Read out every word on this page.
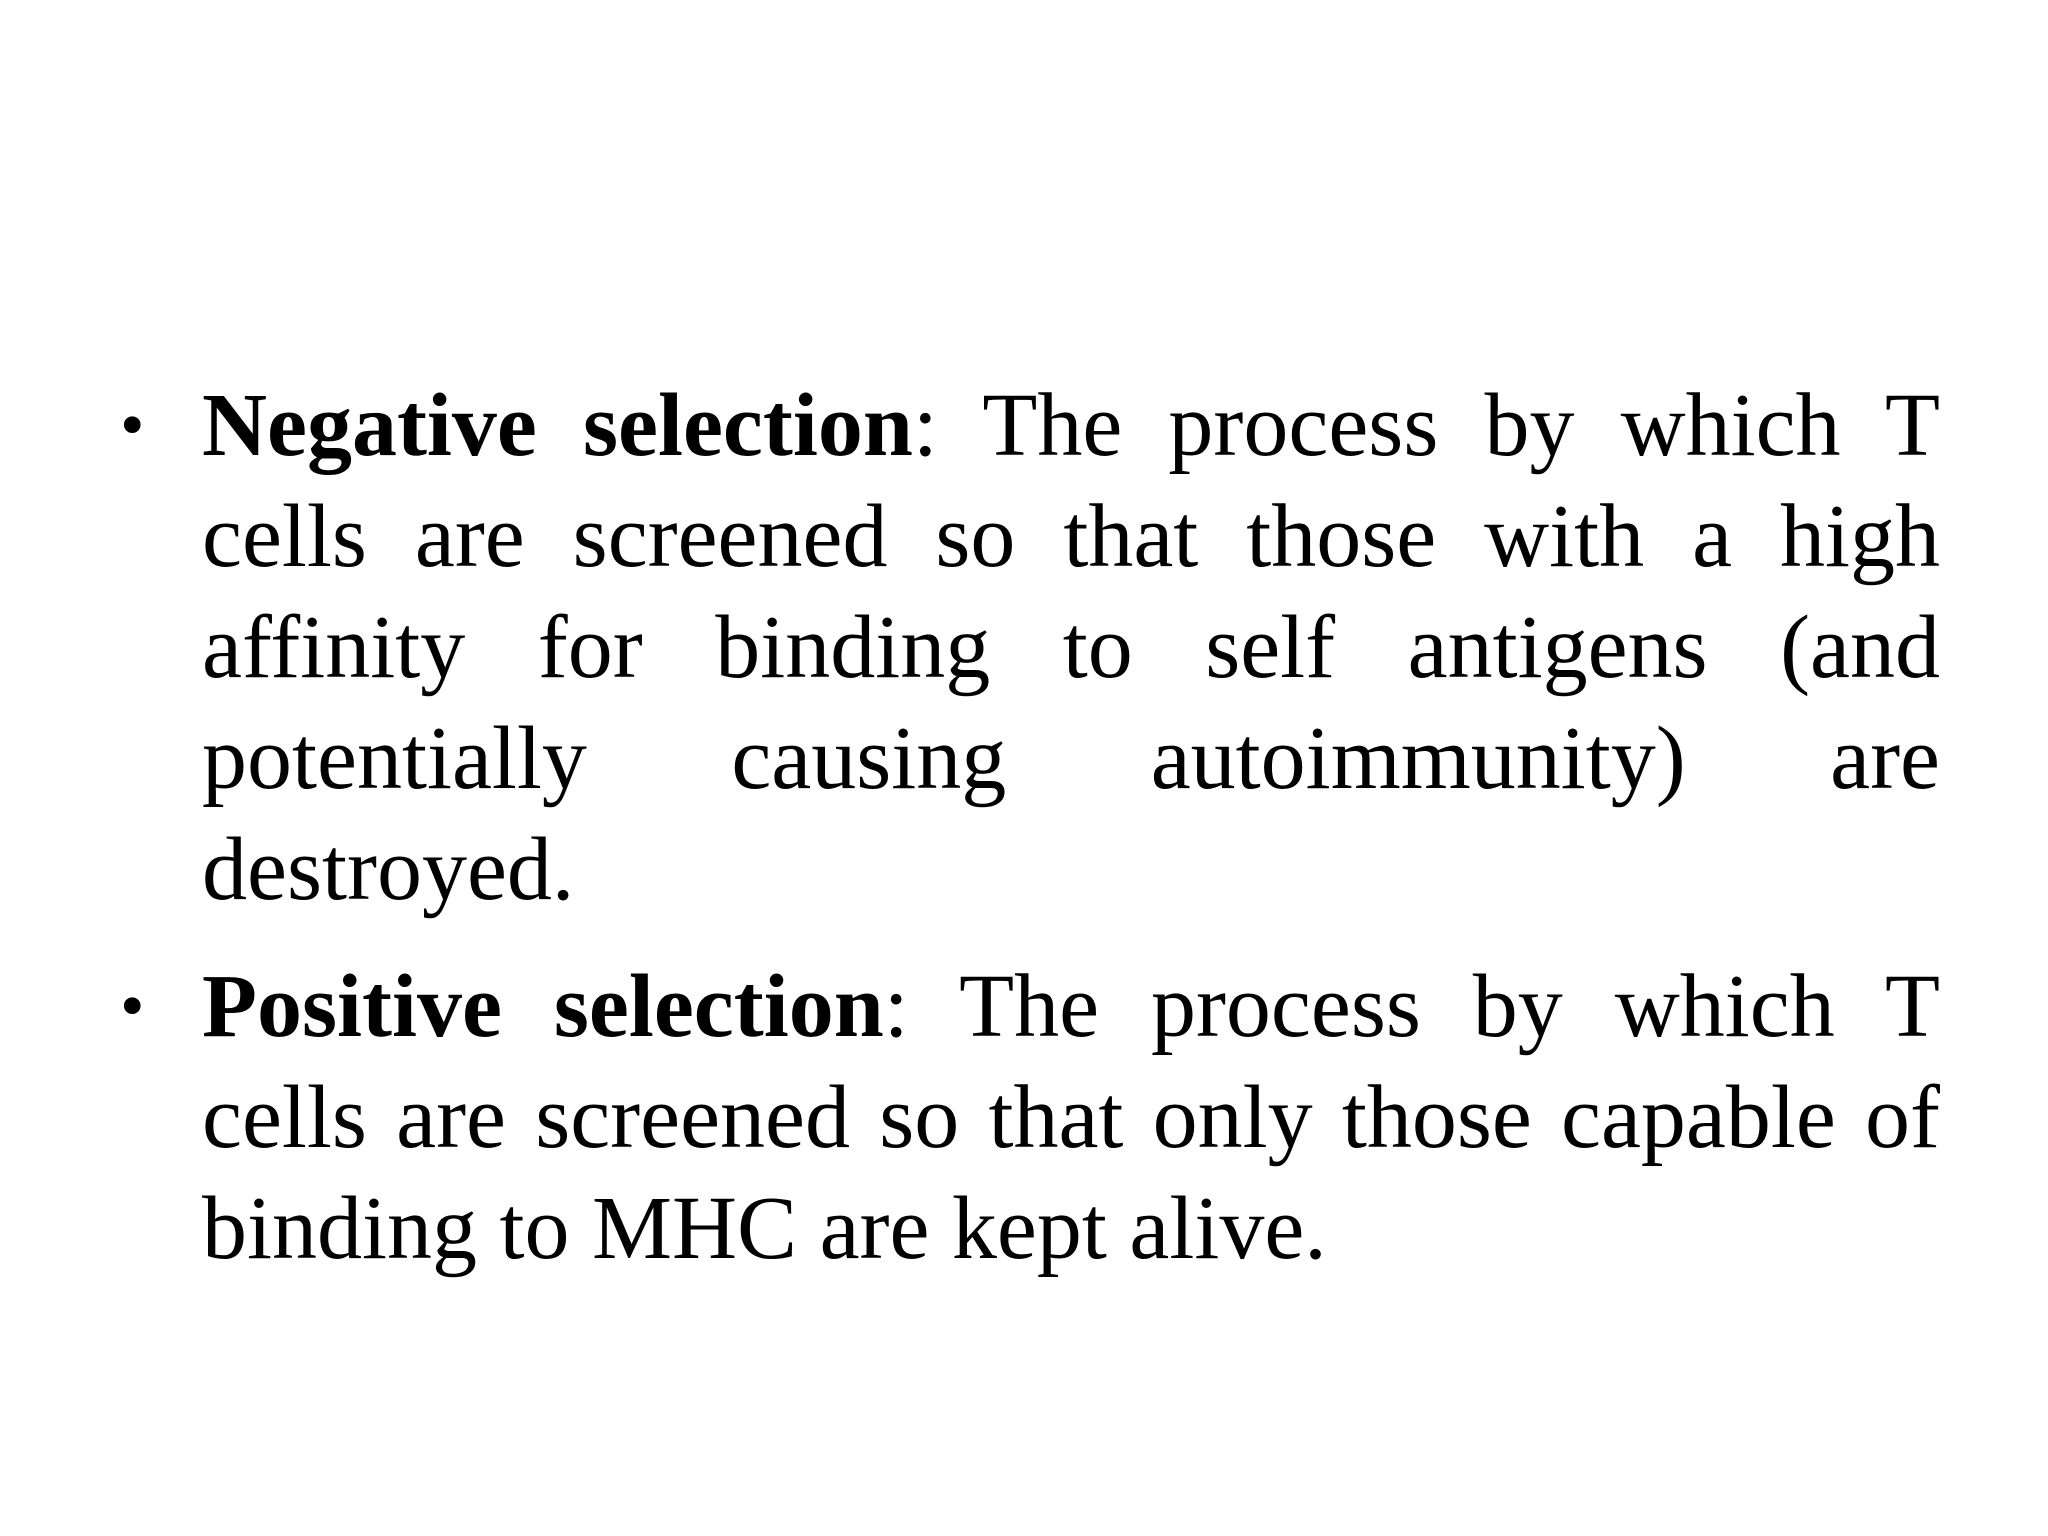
• Negative selection: The process by which T cells are screened so that those with a high affinity for binding to self antigens (and potentially causing autoimmunity) are destroyed.
• Positive selection: The process by which T cells are screened so that only those capable of binding to MHC are kept alive.
